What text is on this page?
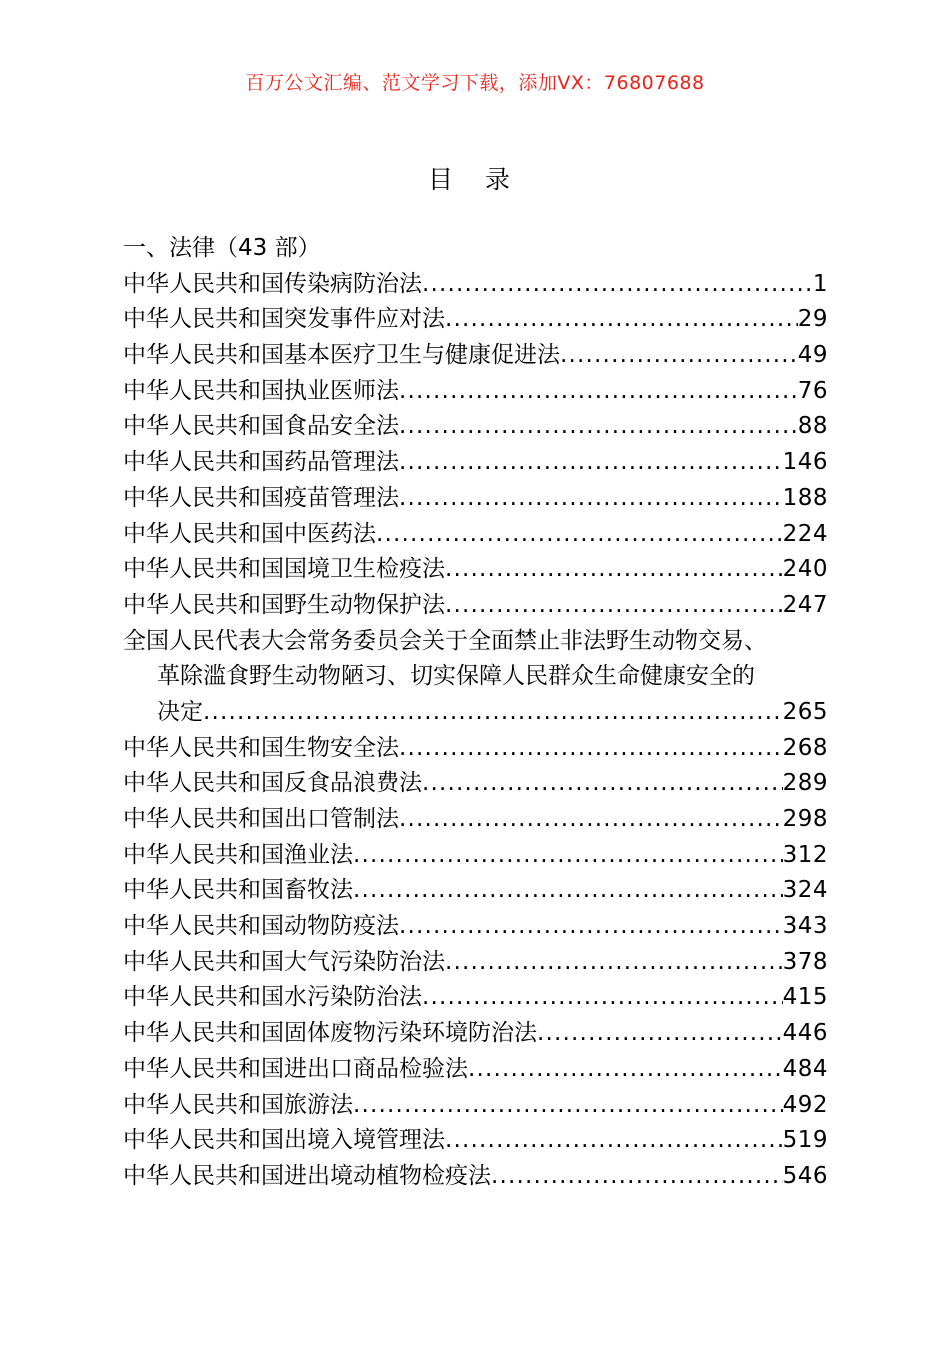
百万公文汇编、范文学习下载，添加VX：76807688
目 录
一、法律（43 部）
中华人民共和国传染病防治法 .....	1
中华人民共和国突发事件应对法 .....	29
中华人民共和国基本医疗卫生与健康促进法 .....	49
中华人民共和国执业医师法 .....	76
中华人民共和国食品安全法 .....	88
中华人民共和国药品管理法 .....	146
中华人民共和国疫苗管理法 .....	188
中华人民共和国中医药法 .....	224
中华人民共和国国境卫生检疫法 .....	240
中华人民共和国野生动物保护法 .....	247
全国人民代表大会常务委员会关于全面禁止非法野生动物交易、
革除滥食野生动物陋习、切实保障人民群众生命健康安全的
决定 .....	265
中华人民共和国生物安全法 .....	268
中华人民共和国反食品浪费法 .....	289
中华人民共和国出口管制法 .....	298
中华人民共和国渔业法 .....	312
中华人民共和国畜牧法 .....	324
中华人民共和国动物防疫法 .....	343
中华人民共和国大气污染防治法 .....	378
中华人民共和国水污染防治法 .....	415
中华人民共和国固体废物污染环境防治法 .....	446
中华人民共和国进出口商品检验法 .....	484
中华人民共和国旅游法 .....	492
中华人民共和国出境入境管理法 .....	519
中华人民共和国进出境动植物检疫法 .....	546
